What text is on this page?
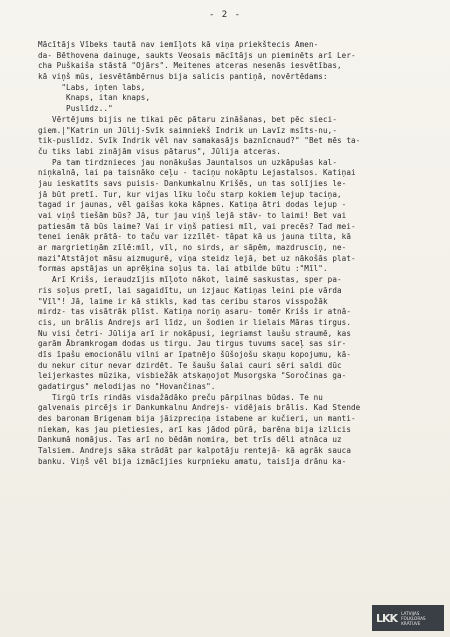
- 2 -
Mācītājs Vībeks tautā nav iemīļots kā viņa priekštecis Amen-
da- Bēthovena dainuge, saukts Veosais mācītājs un pieminēts arī Ler-
cha Puškaiša stāstā "Ojārs". Meitenes atceras nesenās iesvētības,
kā viņš mūs, iesvētāmbērnus bija salicis pantiņā, novērtēdams:
"Labs, iņten labs,
Knaps, itan knaps,
Puslīdz.."
Vērtējums bijis ne tikai pēc pātaru zināšanas, bet pēc sieci-
giem.|"Katrin un Jūlij-Svīk saimniekš Indrik un Lavīz msīts-nu,-
tik-puslīdz. Svīk Indrik vēl nav samakasājs baznīcnaud?" "Bet mēs ta-
ču tiks labi zinājām visus pātarus", Jūlija atceras.
Pa tam tirdznieces jau nonākušas Jauntalsos un uzkāpušas kal-
niņkalnā, lai pa taisnāko ceļu - taciņu nokāptu Lejastalsos. Katiņai
jau ieskatīts savs puisis- Dankumkalnu Krišēs, un tas solījies le-
jā būt pretī. Tur, kur vijas līku loču starp kokiem lejup taciņa,
tagad ir jaunas, vēl gaišas koka kāpnes. Katiņa ātri dodas lejup -
vai viņš tiešām būs? Jā, tur jau viņš lejā stāv- to laimi! Bet vai
patiesām tā būs laime? Vai ir viņš patiesi mīl, vai precēs? Tad mei-
tenei ienāk prātā- to taču var izzīlēt- tāpat kā us jauna tilta, kā
ar margrietiņām zīlē:mīl, vīl, no sirds, ar sāpēm, mazdrusciņ, ne-
mazi"Atstājot māsu aizmugurē, viņa steidz lejā, bet uz nākošās plat-
formas apstājas un aprēķina soļus ta. lai atbilde būtu :"Mīl".
Arī Krišs, ieraudzījis mīļoto nākot, laimē saskustas, sper pa-
ris soļus pretī, lai sagaidītu, un izjauc Katiņas leini pie vārda
"Vīl"! Jā, laime ir kā stikls, kad tas ceribu staros visspožāk
mirdz- tas visātrāk plīst. Katiņa noriņ asaru- tomēr Krišs ir atnā-
cis, un brālis Andrejs arī līdz, un šodien ir lielais Māras tirgus.
Nu visi četri- Jūlija arī ir nokāpusi, iegriamst laušu straumē, kas
garām Ābramkrogam dodas us tirgu. Jau tirgus tuvums saceļ sas sir-
dīs īpašu emocionālu vilni ar īpatnējo šūšojošu skaņu kopojumu, kā-
du nekur citur nevar dzirdēt. Te šaušu šalai cauri sēri saldi dūc
leijerkastes mūzika, visbiežāk atskaņojot Musorgska "Soročinas ga-
gadatirgus" melodijas no "Hovančinas".
Tirgū trīs rindās visdažādāko preču pārpilnas būdas. Te nu
galvenais pircējs ir Dankumkalnu Andrejs- vidējais brālis. Kad Stende
des baronam Brigenam bija jāizpreciņa istabene ar kučieri, un manti-
niekam, kas jau pietiesies, arī kas jādod pūrā, barēna bija izlicis
Dankumā nomājus. Tas arī no bēdām nomira, bet trīs dēli atnāca uz
Talsiem. Andrejs sāka strādāt par kalpotāju rentejā- kā agrāk sauca
banku. Viņš vēl bija izmācījies kurpnieku amatu, taisīja drānu ka-
LKK LATVIJAS
FOLKLORAS
KRĀTUVE
